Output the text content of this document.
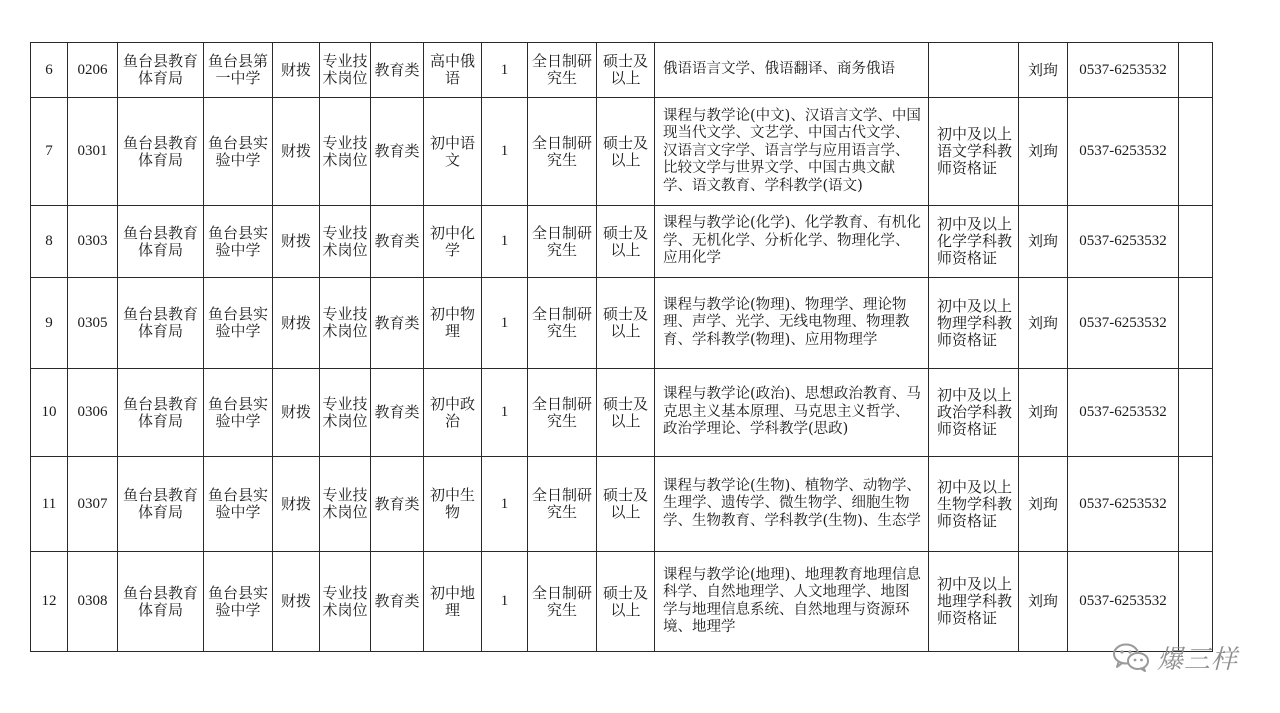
6	0206	鱼台县教育体育局	鱼台县第一中学	财拨	专业技术岗位	教育类	高中俄语	1	全日制研究生	硕士及以上	俄语语言文学、俄语翻译、商务俄语		刘珣	0537-6253532	
7	0301	鱼台县教育体育局	鱼台县实验中学	财拨	专业技术岗位	教育类	初中语文	1	全日制研究生	硕士及以上	课程与教学论(中文)、汉语言文学、中国现当代文学、文艺学、中国古代文学、汉语言文字学、语言学与应用语言学、比较文学与世界文学、中国古典文献学、语文教育、学科教学(语文)	初中及以上语文学科教师资格证	刘珣	0537-6253532	
8	0303	鱼台县教育体育局	鱼台县实验中学	财拨	专业技术岗位	教育类	初中化学	1	全日制研究生	硕士及以上	课程与教学论(化学)、化学教育、有机化学、无机化学、分析化学、物理化学、应用化学	初中及以上化学学科教师资格证	刘珣	0537-6253532	
9	0305	鱼台县教育体育局	鱼台县实验中学	财拨	专业技术岗位	教育类	初中物理	1	全日制研究生	硕士及以上	课程与教学论(物理)、物理学、理论物理、声学、光学、无线电物理、物理教育、学科教学(物理)、应用物理学	初中及以上物理学科教师资格证	刘珣	0537-6253532	
10	0306	鱼台县教育体育局	鱼台县实验中学	财拨	专业技术岗位	教育类	初中政治	1	全日制研究生	硕士及以上	课程与教学论(政治)、思想政治教育、马克思主义基本原理、马克思主义哲学、政治学理论、学科教学(思政)	初中及以上政治学科教师资格证	刘珣	0537-6253532	
11	0307	鱼台县教育体育局	鱼台县实验中学	财拨	专业技术岗位	教育类	初中生物	1	全日制研究生	硕士及以上	课程与教学论(生物)、植物学、动物学、生理学、遗传学、微生物学、细胞生物学、生物教育、学科教学(生物)、生态学	初中及以上生物学科教师资格证	刘珣	0537-6253532	
12	0308	鱼台县教育体育局	鱼台县实验中学	财拨	专业技术岗位	教育类	初中地理	1	全日制研究生	硕士及以上	课程与教学论(地理)、地理教育地理信息科学、自然地理学、人文地理学、地图学与地理信息系统、自然地理与资源环境、地理学	初中及以上地理学科教师资格证	刘珣	0537-6253532	
爆三样
